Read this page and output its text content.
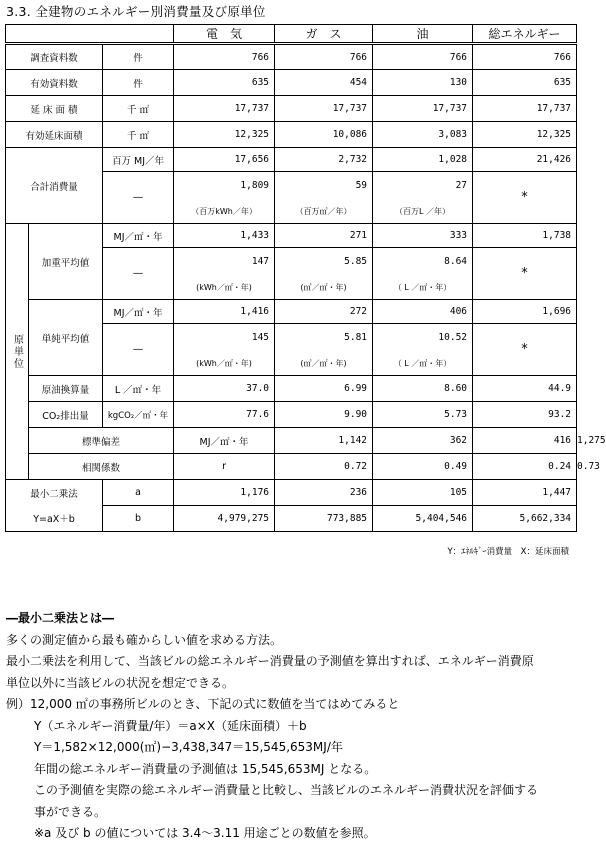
3.3. 全建物のエネルギー別消費量及び原単位
			電　気	ガ　ス	油	総エネルギー	
調査資料数		件	766	766	766	766	
有効資料数		件	635	454	130	635	
延 床 面 積		千 ㎡	17,737	17,737	17,737	17,737	
有効延床面積		千 ㎡	12,325	10,086	3,083	12,325	
合計消費量		百万 MJ／年	17,656	2,732	1,028	21,426	
		―	1,809	59	27	*	
			（百万kWh／年）	（百万㎥／年）	（百万L ／年）		
原単位	加重平均値	MJ／㎡・年	1,433	271	333	1,738	
		―	147	5.85	8.64	*	
			(kWh／㎡・年)	(㎥／㎡・年)	（ L ／㎡・年）		
	単純平均値	MJ／㎡・年	1,416	272	406	1,696	
		―	145	5.81	10.52	*	
			(kWh／㎡・年)	(㎥／㎡・年)	（ L ／㎡・年）		
	原油換算量	L ／㎡・年	37.0	6.99	8.60	44.9	
	CO₂排出量	kgCO₂／㎡・年	77.6	9.90	5.73	93.2	
	標準偏差		MJ／㎡・年	1,142	362	416	1,275
	相関係数		r	0.72	0.49	0.24	0.73
最小二乗法		a	1,176	236	105	1,447	
Y=aX＋b		b	4,979,275	773,885	5,404,546	5,662,334	
Y：ｴﾈﾙｷﾞｰ消費量　X：延床面積
―最小二乗法とは―
多くの測定値から最も確からしい値を求める方法。
最小二乗法を利用して、当該ビルの総エネルギー消費量の予測値を算出すれば、エネルギー消費原
単位以外に当該ビルの状況を想定できる。
例）12,000 ㎡の事務所ビルのとき、下記の式に数値を当てはめてみると
Y（エネルギー消費量/年）＝a×X（延床面積）＋b
Y＝1,582×12,000(㎡)−3,438,347＝15,545,653MJ/年
年間の総エネルギー消費量の予測値は 15,545,653MJ となる。
この予測値を実際の総エネルギー消費量と比較し、当該ビルのエネルギー消費状況を評価する
事ができる。
※a 及び b の値については 3.4〜3.11 用途ごとの数値を参照。
